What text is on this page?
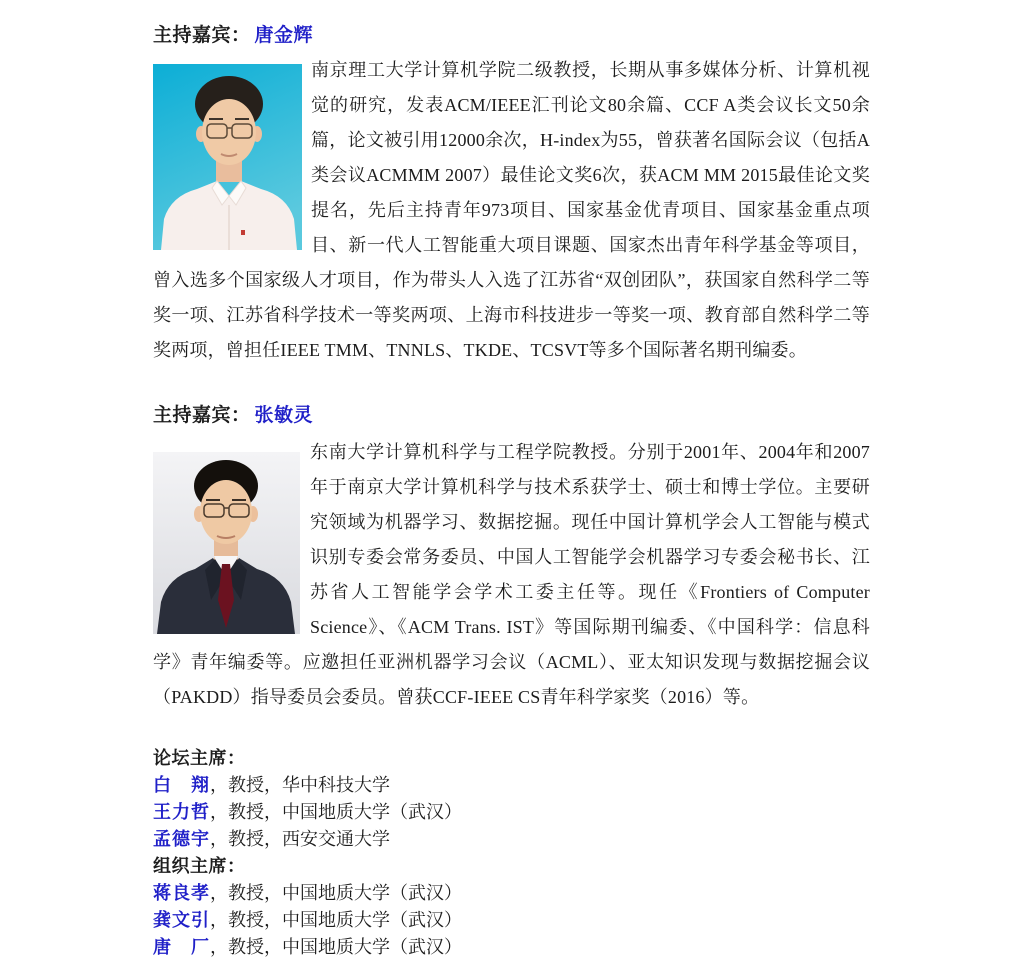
主持嘉宾： 唐金辉

南京理工大学计算机学院二级教授，长期从事多媒体分析、计算机视觉的研究，发表ACM/IEEE汇刊论文80余篇、CCF A类会议长文50余篇，论文被引用12000余次，H-index为55，曾获著名国际会议（包括A类会议ACMMM 2007）最佳论文奖6次，获ACM MM 2015最佳论文奖提名，先后主持青年973项目、国家基金优青项目、国家基金重点项目、新一代人工智能重大项目课题、国家杰出青年科学基金等项目，曾入选多个国家级人才项目，作为带头人入选了江苏省“双创团队”，获国家自然科学二等奖一项、江苏省科学技术一等奖两项、上海市科技进步一等奖一项、教育部自然科学二等奖两项，曾担任IEEE TMM、TNNLS、TKDE、TCSVT等多个国际著名期刊编委。

主持嘉宾： 张敏灵

东南大学计算机科学与工程学院教授。分别于2001年、2004年和2007年于南京大学计算机科学与技术系获学士、硕士和博士学位。主要研究领域为机器学习、数据挖掘。现任中国计算机学会人工智能与模式识别专委会常务委员、中国人工智能学会机器学习专委会秘书长、江苏省人工智能学会学术工委主任等。现任《Frontiers of Computer Science》、《ACM Trans. IST》等国际期刊编委、《中国科学：信息科学》青年编委等。应邀担任亚洲机器学习会议（ACML）、亚太知识发现与数据挖掘会议（PAKDD）指导委员会委员。曾获CCF-IEEE CS青年科学家奖（2016）等。

论坛主席：
白　翔，教授，华中科技大学
王力哲，教授，中国地质大学（武汉）
孟德宇，教授，西安交通大学
组织主席：
蒋良孝，教授，中国地质大学（武汉）
龚文引，教授，中国地质大学（武汉）
唐　厂，教授，中国地质大学（武汉）
